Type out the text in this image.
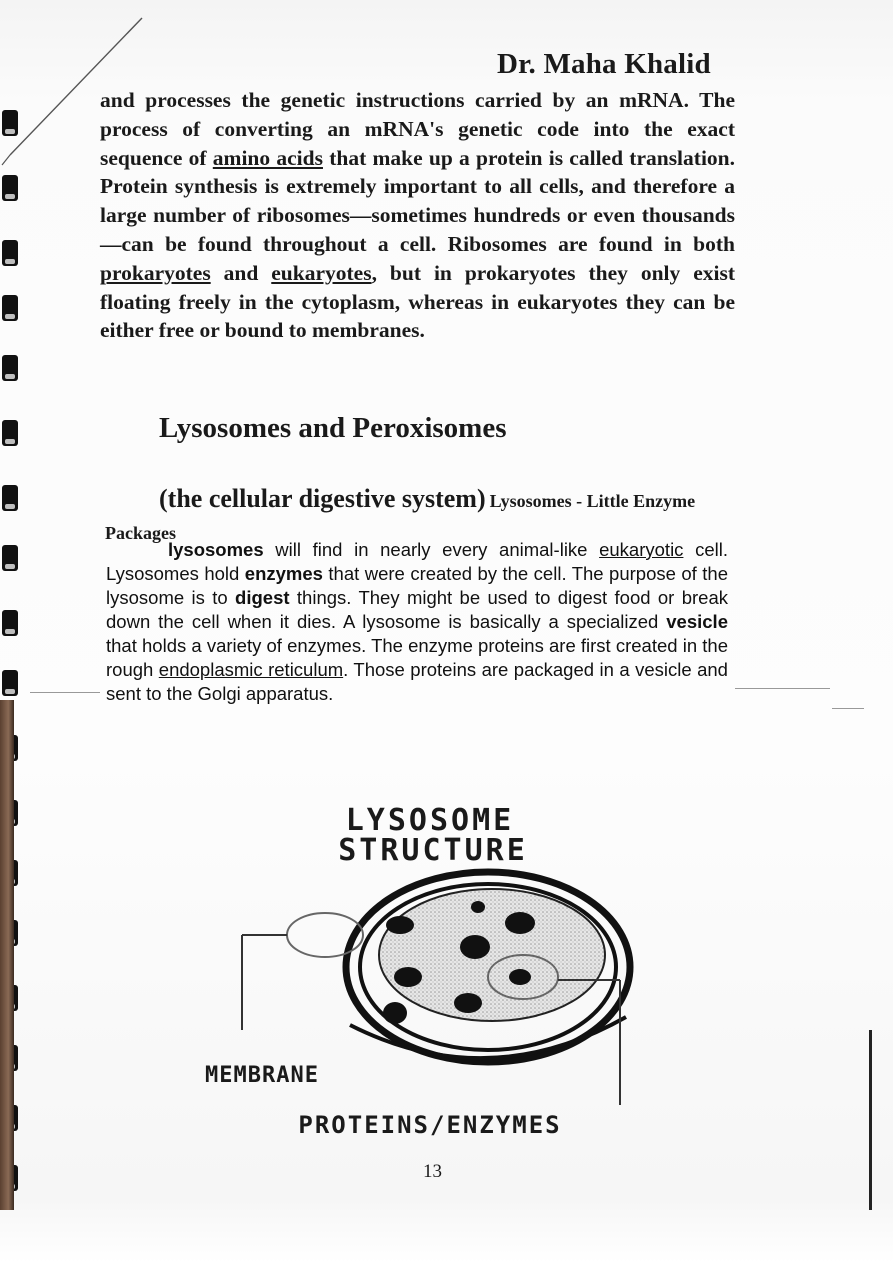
Dr. Maha Khalid
and processes the genetic instructions carried by an mRNA. The process of converting an mRNA's genetic code into the exact sequence of amino acids that make up a protein is called translation. Protein synthesis is extremely important to all cells, and therefore a large number of ribosomes—sometimes hundreds or even thousands—can be found throughout a cell. Ribosomes are found in both prokaryotes and eukaryotes, but in prokaryotes they only exist floating freely in the cytoplasm, whereas in eukaryotes they can be either free or bound to membranes.
Lysosomes and Peroxisomes
(the cellular digestive system) Lysosomes - Little Enzyme Packages
lysosomes will find in nearly every animal-like eukaryotic cell. Lysosomes hold enzymes that were created by the cell. The purpose of the lysosome is to digest things. They might be used to digest food or break down the cell when it dies. A lysosome is basically a specialized vesicle that holds a variety of enzymes. The enzyme proteins are first created in the rough endoplasmic reticulum. Those proteins are packaged in a vesicle and sent to the Golgi apparatus.
LYSOSOME
STRUCTURE
MEMBRANE
PROTEINS/ENZYMES
13
